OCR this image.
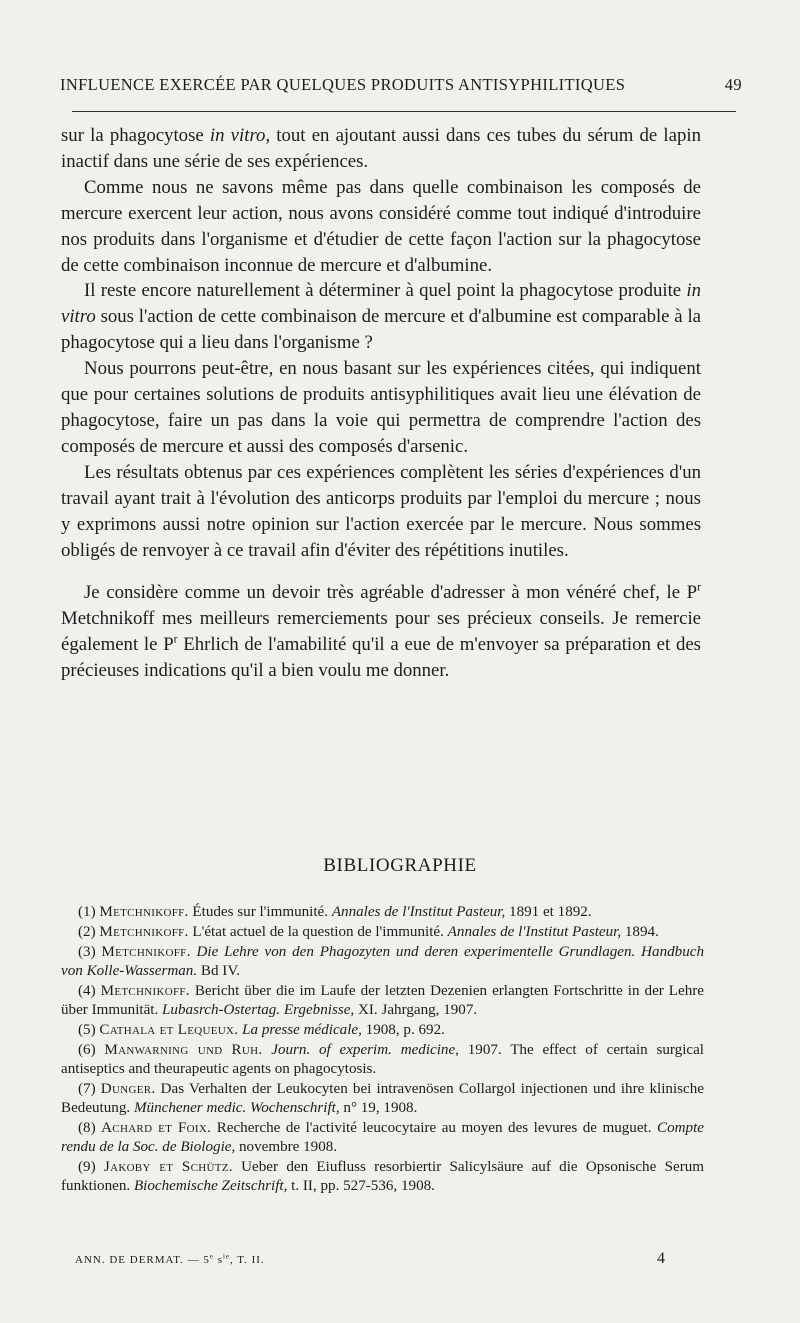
INFLUENCE EXERCÉE PAR QUELQUES PRODUITS ANTISYPHILITIQUES	49

sur la phagocytose in vitro, tout en ajoutant aussi dans ces tubes du sérum de lapin inactif dans une série de ses expériences.

Comme nous ne savons même pas dans quelle combinaison les composés de mercure exercent leur action, nous avons considéré comme tout indiqué d'introduire nos produits dans l'organisme et d'étudier de cette façon l'action sur la phagocytose de cette combinaison inconnue de mercure et d'albumine.

Il reste encore naturellement à déterminer à quel point la phagocytose produite in vitro sous l'action de cette combinaison de mercure et d'albumine est comparable à la phagocytose qui a lieu dans l'organisme ?

Nous pourrons peut-être, en nous basant sur les expériences citées, qui indiquent que pour certaines solutions de produits antisyphilitiques avait lieu une élévation de phagocytose, faire un pas dans la voie qui permettra de comprendre l'action des composés de mercure et aussi des composés d'arsenic.

Les résultats obtenus par ces expériences complètent les séries d'expériences d'un travail ayant trait à l'évolution des anticorps produits par l'emploi du mercure ; nous y exprimons aussi notre opinion sur l'action exercée par le mercure. Nous sommes obligés de renvoyer à ce travail afin d'éviter des répétitions inutiles.

Je considère comme un devoir très agréable d'adresser à mon vénéré chef, le $P^r$ Metchnikoff mes meilleurs remerciements pour ses précieux conseils. Je remercie également le $P^r$ Ehrlich de l'amabilité qu'il a eue de m'envoyer sa préparation et des précieuses indications qu'il a bien voulu me donner.

BIBLIOGRAPHIE

(1) Metchnikoff. Études sur l'immunité. Annales de l'Institut Pasteur, 1891 et 1892.

(2) Metchnikoff. L'état actuel de la question de l'immunité. Annales de l'Institut Pasteur, 1894.

(3) Metchnikoff. Die Lehre von den Phagozyten und deren experimentelle Grundlagen. Handbuch von Kolle-Wasserman. Bd IV.

(4) Metchnikoff. Bericht über die im Laufe der letzten Dezenien erlangten Fortschritte in der Lehre über Immunität. Lubasrch-Ostertag. Ergebnisse, XI. Jahrgang, 1907.

(5) Cathala et Lequeux. La presse médicale, 1908, p. 692.

(6) Manwarning und Ruh. Journ. of experim. medicine, 1907. The effect of certain surgical antiseptics and theurapeutic agents on phagocytosis.

(7) Dunger. Das Verhalten der Leukocyten bei intravenösen Collargol injectionen und ihre klinische Bedeutung. Münchener medic. Wochenschrift, n° 19, 1908.

(8) Achard et Foix. Recherche de l'activité leucocytaire au moyen des levures de muguet. Compte rendu de la Soc. de Biologie, novembre 1908.

(9) Jakoby et Schütz. Ueber den Eiufluss resorbiertir Salicylsäure auf die Opsonische Serum funktionen. Biochemische Zeitschrift, t. II, pp. 527-536, 1908.

ANN. DE DERMAT. — 5e $s^{ie}$, T. II.	4
